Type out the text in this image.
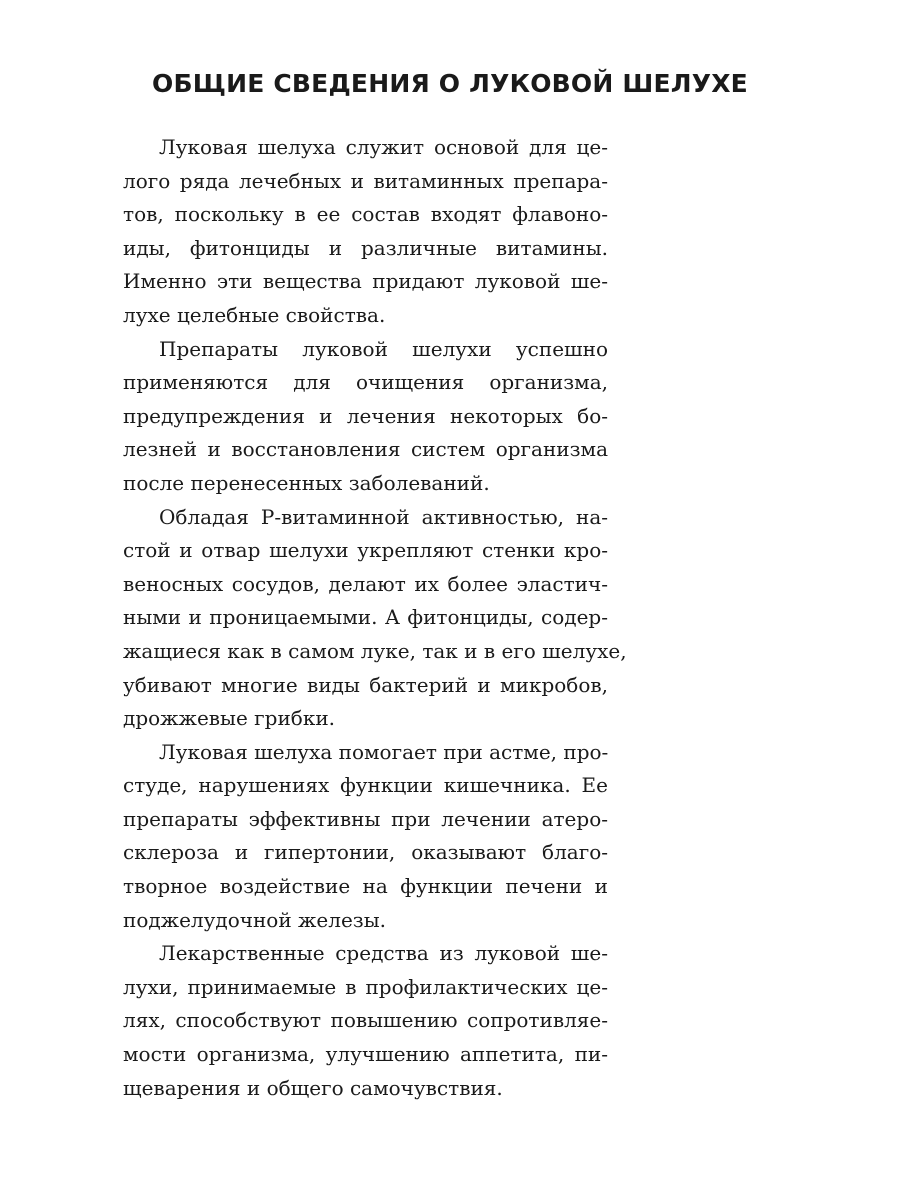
ОБЩИЕ СВЕДЕНИЯ О ЛУКОВОЙ ШЕЛУХЕ
Луковая шелуха служит основой для це-
лого ряда лечебных и витаминных препара-
тов, поскольку в ее состав входят флавоно-
иды, фитонциды и различные витамины.
Именно эти вещества придают луковой ше-
лухе целебные свойства.
Препараты луковой шелухи успешно
применяются для очищения организма,
предупреждения и лечения некоторых бо-
лезней и восстановления систем организма
после перенесенных заболеваний.
Обладая Р-витаминной активностью, на-
стой и отвар шелухи укрепляют стенки кро-
веносных сосудов, делают их более эластич-
ными и проницаемыми. А фитонциды, содер-
жащиеся как в самом луке, так и в его шелухе,
убивают многие виды бактерий и микробов,
дрожжевые грибки.
Луковая шелуха помогает при астме, про-
студе, нарушениях функции кишечника. Ее
препараты эффективны при лечении атеро-
склероза и гипертонии, оказывают благо-
творное воздействие на функции печени и
поджелудочной железы.
Лекарственные средства из луковой ше-
лухи, принимаемые в профилактических це-
лях, способствуют повышению сопротивляе-
мости организма, улучшению аппетита, пи-
щеварения и общего самочувствия.
